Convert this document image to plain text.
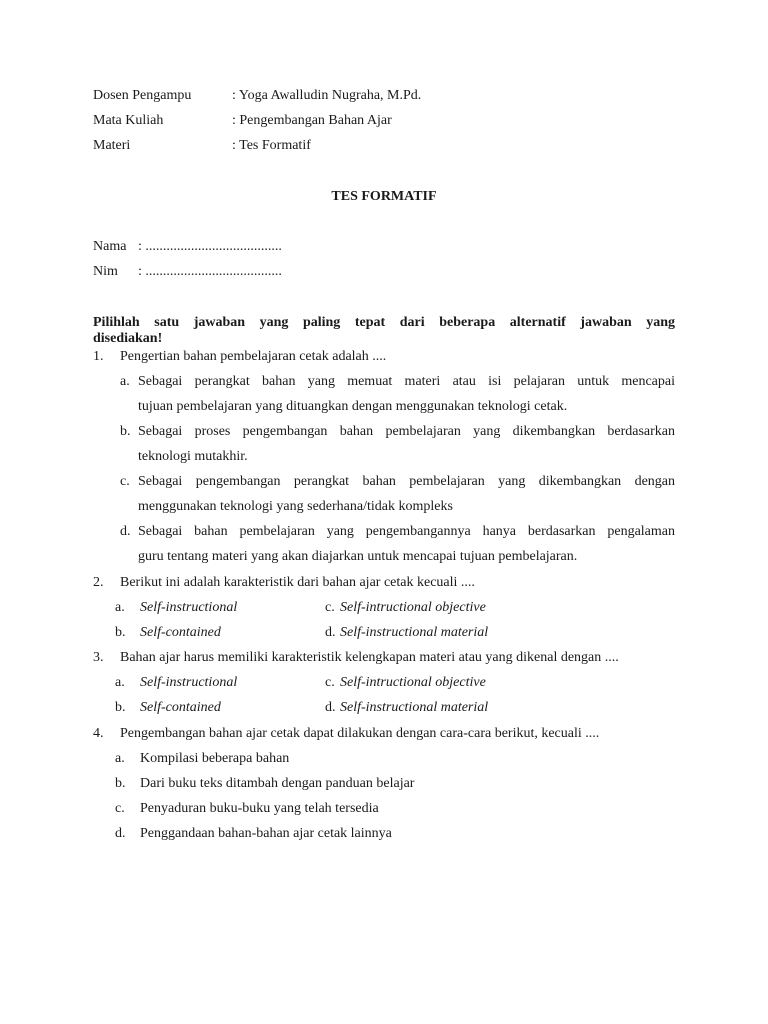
Dosen Pengampu	: Yoga Awalludin Nugraha, M.Pd.
Mata Kuliah	: Pengembangan Bahan Ajar
Materi	: Tes Formatif
TES FORMATIF
Nama : .......................................
Nim : .......................................
Pilihlah satu jawaban yang paling tepat dari beberapa alternatif jawaban yang
disediakan!
1. Pengertian bahan pembelajaran cetak adalah ....
a. Sebagai perangkat bahan yang memuat materi atau isi pelajaran untuk mencapai
tujuan pembelajaran yang dituangkan dengan menggunakan teknologi cetak.
b. Sebagai proses pengembangan bahan pembelajaran yang dikembangkan berdasarkan
teknologi mutakhir.
c. Sebagai pengembangan perangkat bahan pembelajaran yang dikembangkan dengan
menggunakan teknologi yang sederhana/tidak kompleks
d. Sebagai bahan pembelajaran yang pengembangannya hanya berdasarkan pengalaman
guru tentang materi yang akan diajarkan untuk mencapai tujuan pembelajaran.
2. Berikut ini adalah karakteristik dari bahan ajar cetak kecuali ....
a. Self-instructional	c. Self-intructional objective
b. Self-contained	d. Self-instructional material
3. Bahan ajar harus memiliki karakteristik kelengkapan materi atau yang dikenal dengan ....
a. Self-instructional	c. Self-intructional objective
b. Self-contained	d. Self-instructional material
4. Pengembangan bahan ajar cetak dapat dilakukan dengan cara-cara berikut, kecuali ....
a. Kompilasi beberapa bahan
b. Dari buku teks ditambah dengan panduan belajar
c. Penyaduran buku-buku yang telah tersedia
d. Penggandaan bahan-bahan ajar cetak lainnya
